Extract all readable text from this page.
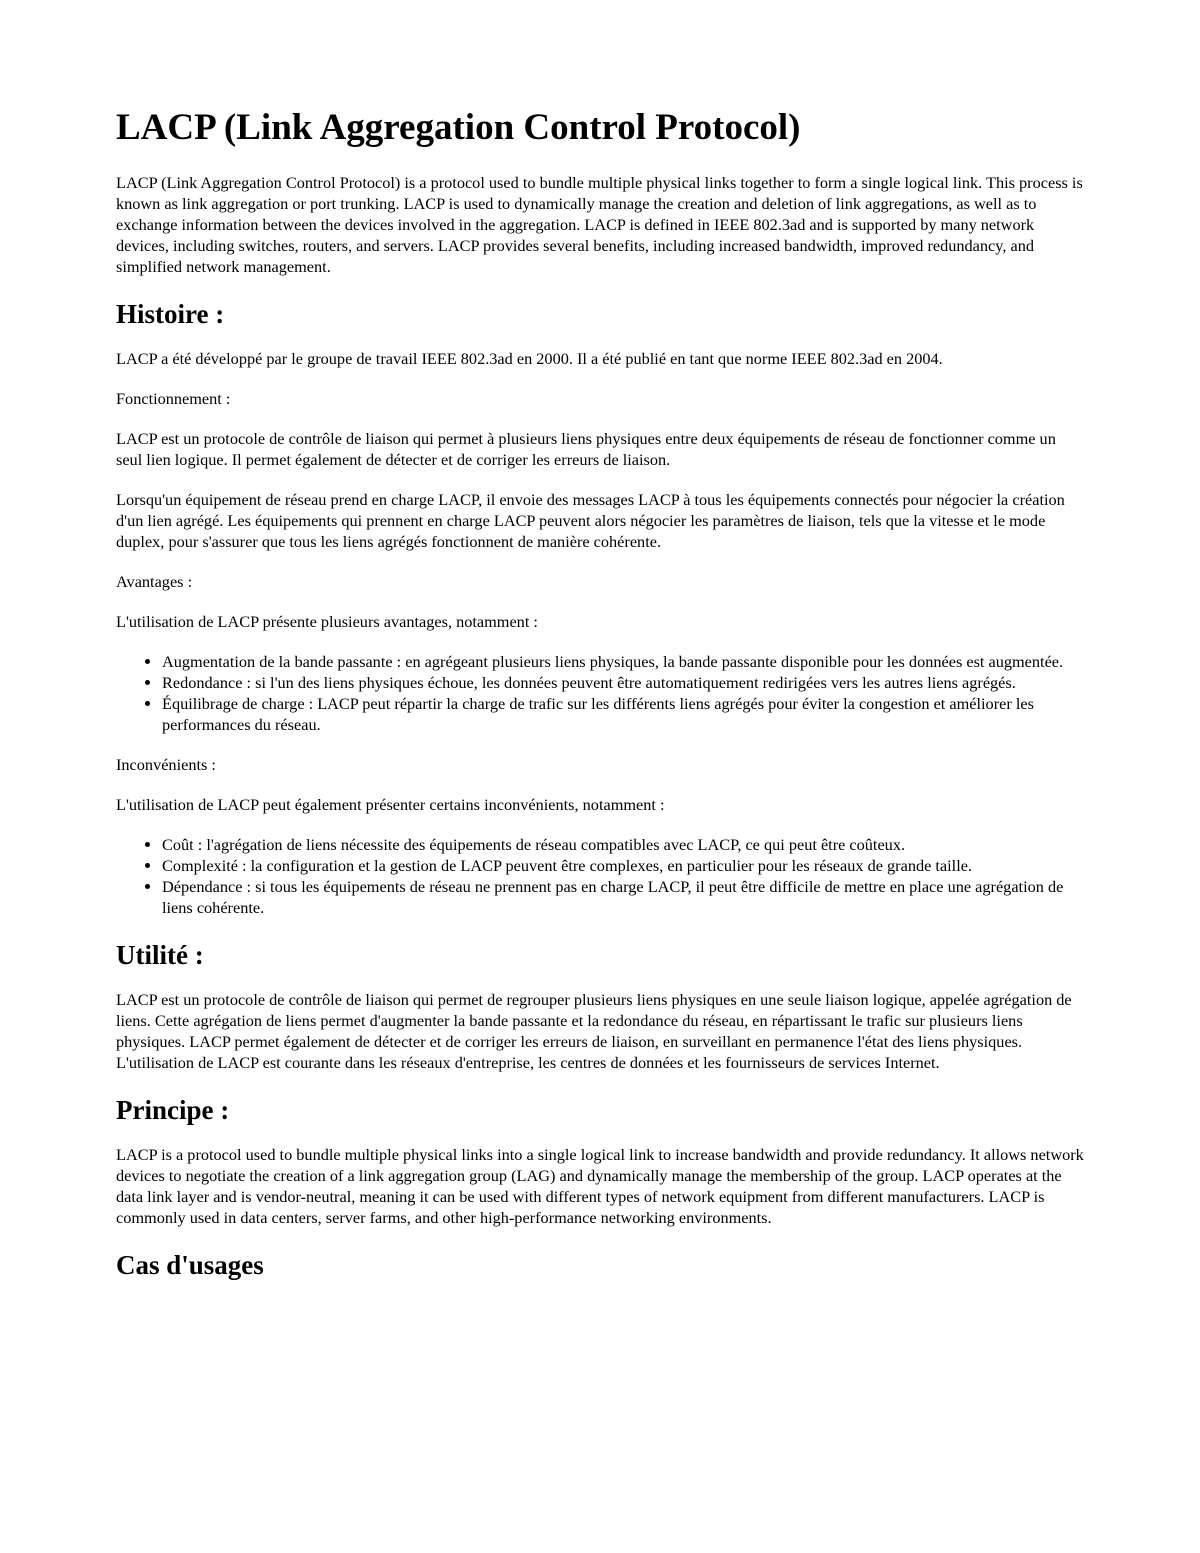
LACP (Link Aggregation Control Protocol)

LACP (Link Aggregation Control Protocol) is a protocol used to bundle multiple physical links together to form a single logical link. This process is known as link aggregation or port trunking. LACP is used to dynamically manage the creation and deletion of link aggregations, as well as to exchange information between the devices involved in the aggregation. LACP is defined in IEEE 802.3ad and is supported by many network devices, including switches, routers, and servers. LACP provides several benefits, including increased bandwidth, improved redundancy, and simplified network management.

Histoire :

LACP a été développé par le groupe de travail IEEE 802.3ad en 2000. Il a été publié en tant que norme IEEE 802.3ad en 2004.

Fonctionnement :

LACP est un protocole de contrôle de liaison qui permet à plusieurs liens physiques entre deux équipements de réseau de fonctionner comme un seul lien logique. Il permet également de détecter et de corriger les erreurs de liaison.

Lorsqu'un équipement de réseau prend en charge LACP, il envoie des messages LACP à tous les équipements connectés pour négocier la création d'un lien agrégé. Les équipements qui prennent en charge LACP peuvent alors négocier les paramètres de liaison, tels que la vitesse et le mode duplex, pour s'assurer que tous les liens agrégés fonctionnent de manière cohérente.

Avantages :

L'utilisation de LACP présente plusieurs avantages, notamment :

• Augmentation de la bande passante : en agrégeant plusieurs liens physiques, la bande passante disponible pour les données est augmentée.
• Redondance : si l'un des liens physiques échoue, les données peuvent être automatiquement redirigées vers les autres liens agrégés.
• Équilibrage de charge : LACP peut répartir la charge de trafic sur les différents liens agrégés pour éviter la congestion et améliorer les performances du réseau.

Inconvénients :

L'utilisation de LACP peut également présenter certains inconvénients, notamment :

• Coût : l'agrégation de liens nécessite des équipements de réseau compatibles avec LACP, ce qui peut être coûteux.
• Complexité : la configuration et la gestion de LACP peuvent être complexes, en particulier pour les réseaux de grande taille.
• Dépendance : si tous les équipements de réseau ne prennent pas en charge LACP, il peut être difficile de mettre en place une agrégation de liens cohérente.
Utilité :

LACP est un protocole de contrôle de liaison qui permet de regrouper plusieurs liens physiques en une seule liaison logique, appelée agrégation de liens. Cette agrégation de liens permet d'augmenter la bande passante et la redondance du réseau, en répartissant le trafic sur plusieurs liens physiques. LACP permet également de détecter et de corriger les erreurs de liaison, en surveillant en permanence l'état des liens physiques. L'utilisation de LACP est courante dans les réseaux d'entreprise, les centres de données et les fournisseurs de services Internet.

Principe :

LACP is a protocol used to bundle multiple physical links into a single logical link to increase bandwidth and provide redundancy. It allows network devices to negotiate the creation of a link aggregation group (LAG) and dynamically manage the membership of the group. LACP operates at the data link layer and is vendor-neutral, meaning it can be used with different types of network equipment from different manufacturers. LACP is commonly used in data centers, server farms, and other high-performance networking environments.

Cas d'usages
